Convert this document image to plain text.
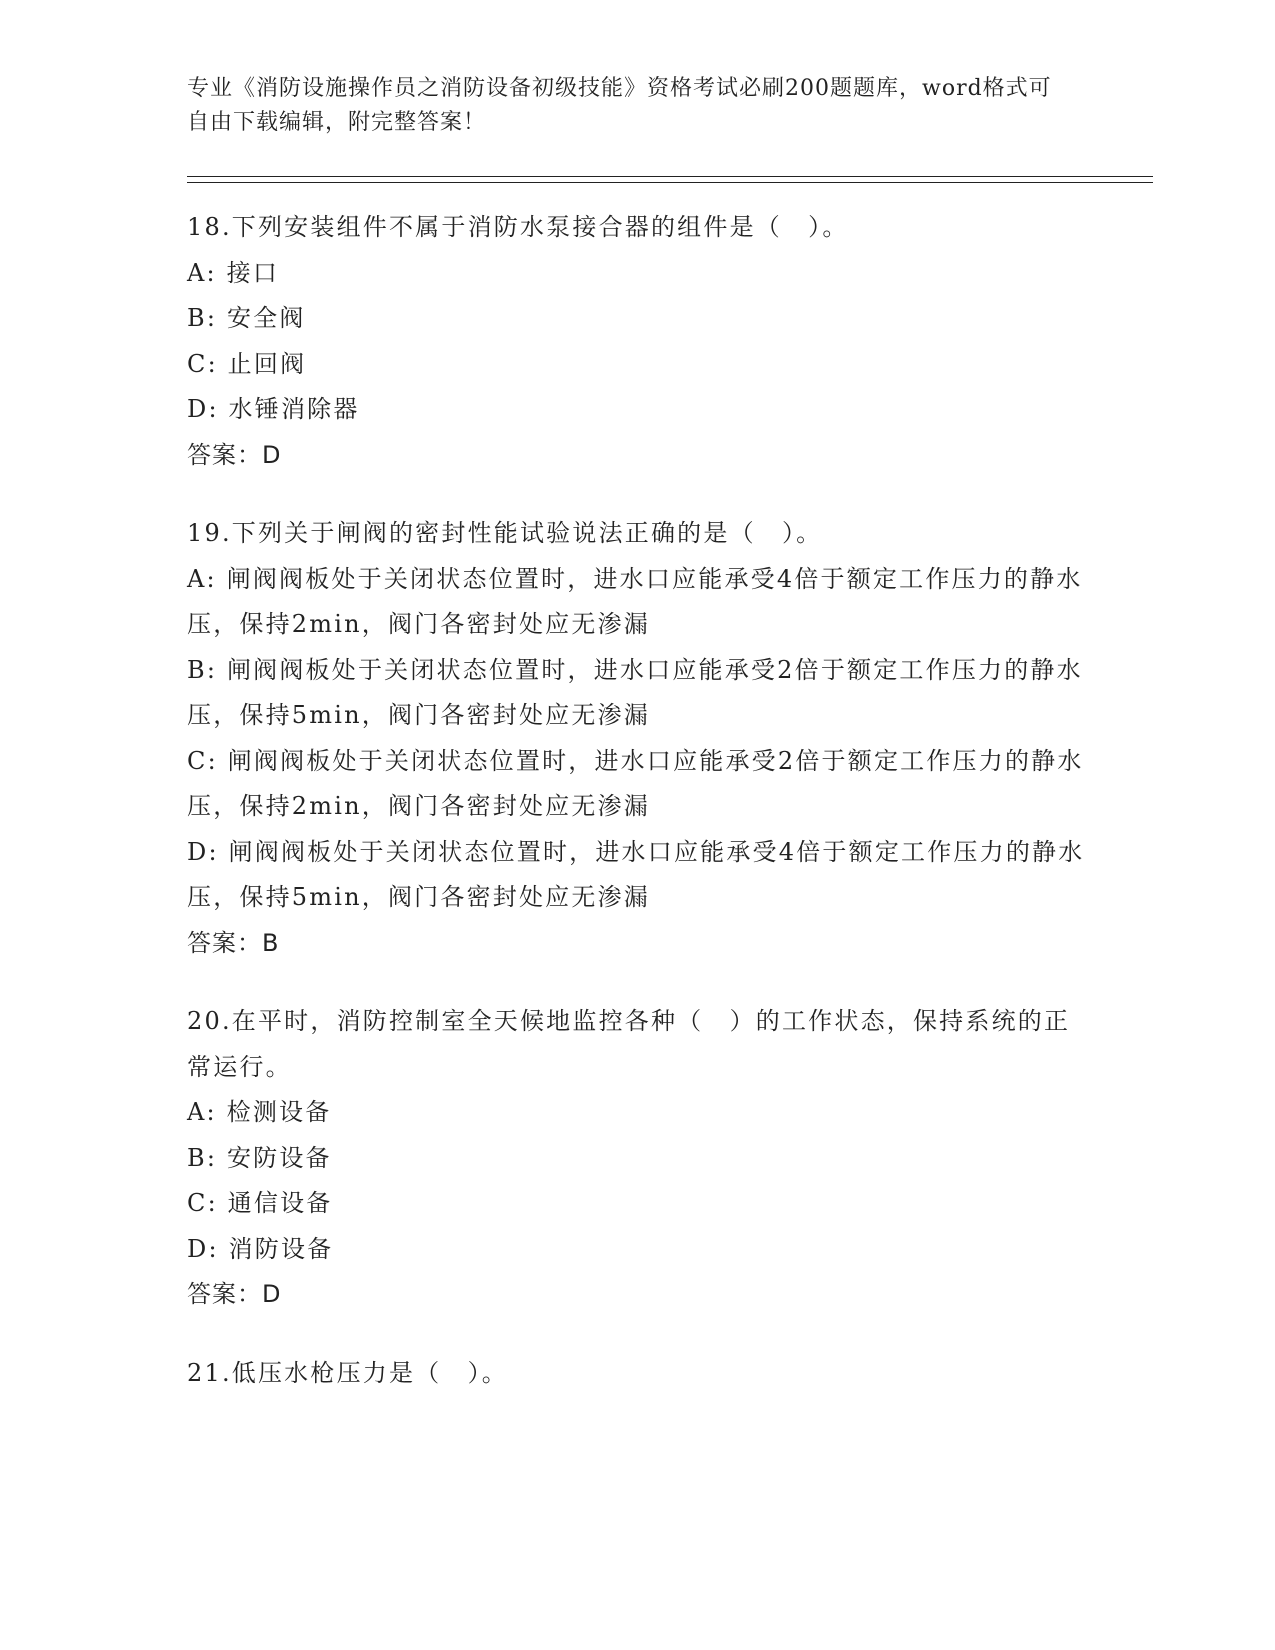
专业《消防设施操作员之消防设备初级技能》资格考试必刷200题题库，word格式可自由下载编辑，附完整答案！
18.下列安装组件不属于消防水泵接合器的组件是（　）。
A: 接口
B: 安全阀
C: 止回阀
D: 水锤消除器
答案：D
19.下列关于闸阀的密封性能试验说法正确的是（　）。
A: 闸阀阀板处于关闭状态位置时，进水口应能承受4倍于额定工作压力的静水压，保持2min，阀门各密封处应无渗漏
B: 闸阀阀板处于关闭状态位置时，进水口应能承受2倍于额定工作压力的静水压，保持5min，阀门各密封处应无渗漏
C: 闸阀阀板处于关闭状态位置时，进水口应能承受2倍于额定工作压力的静水压，保持2min，阀门各密封处应无渗漏
D: 闸阀阀板处于关闭状态位置时，进水口应能承受4倍于额定工作压力的静水压，保持5min，阀门各密封处应无渗漏
答案：B
20.在平时，消防控制室全天候地监控各种（　）的工作状态，保持系统的正常运行。
A: 检测设备
B: 安防设备
C: 通信设备
D: 消防设备
答案：D
21.低压水枪压力是（　）。
